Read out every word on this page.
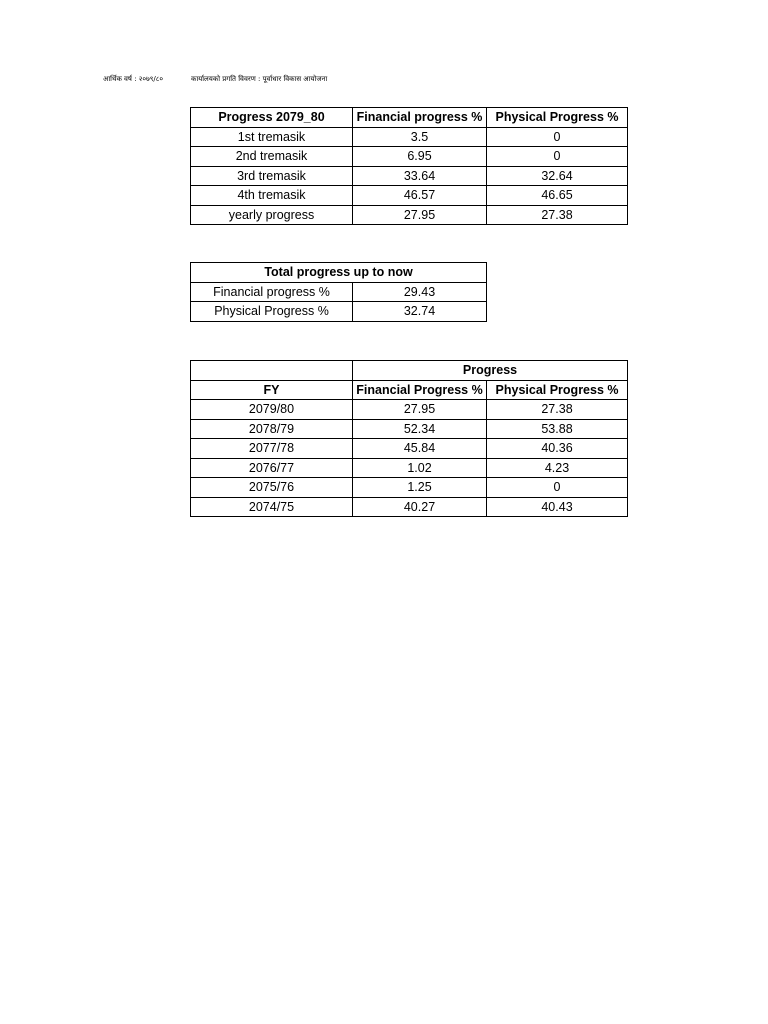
आर्थिक वर्ष : २०७९/८०	कार्यालयको प्रगति विवरण : पूर्वाधार विकास आयोजना
Progress 2079_80	Financial progress %	Physical Progress %
1st tremasik	3.5	0
2nd tremasik	6.95	0
3rd tremasik	33.64	32.64
4th tremasik	46.57	46.65
yearly progress	27.95	27.38
Total progress up to now	
Financial progress %	29.43
Physical Progress %	32.74
	Progress	
FY	Financial Progress %	Physical Progress %
2079/80	27.95	27.38
2078/79	52.34	53.88
2077/78	45.84	40.36
2076/77	1.02	4.23
2075/76	1.25	0
2074/75	40.27	40.43
